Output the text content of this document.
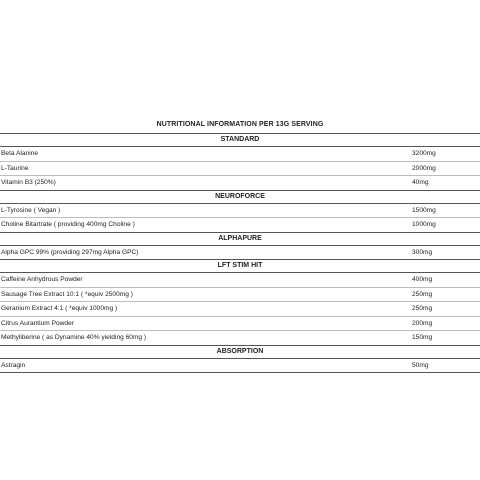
NUTRITIONAL INFORMATION PER 13G SERVING
STANDARD
Beta Alanine	3200mg
L-Taurine	2000mg
Vitamin B3 (250%)	40mg
NEUROFORCE
L-Tyrosine ( Vegan )	1500mg
Choline Bitartrate ( providing 400mg Choline )	1000mg
ALPHAPURE
Alpha GPC 99% (providing 297mg Alpha GPC)	300mg
LFT STIM HIT
Caffeine Anhydrous Powder	400mg
Sausage Tree Extract 10:1 ( *equiv 2500mg )	250mg
Geranium Extract 4:1 ( *equiv 1000mg )	250mg
Citrus Aurantium Powder	200mg
Methyliberine ( as Dynamine 40% yielding 60mg )	150mg
ABSORPTION
Astragin	50mg
